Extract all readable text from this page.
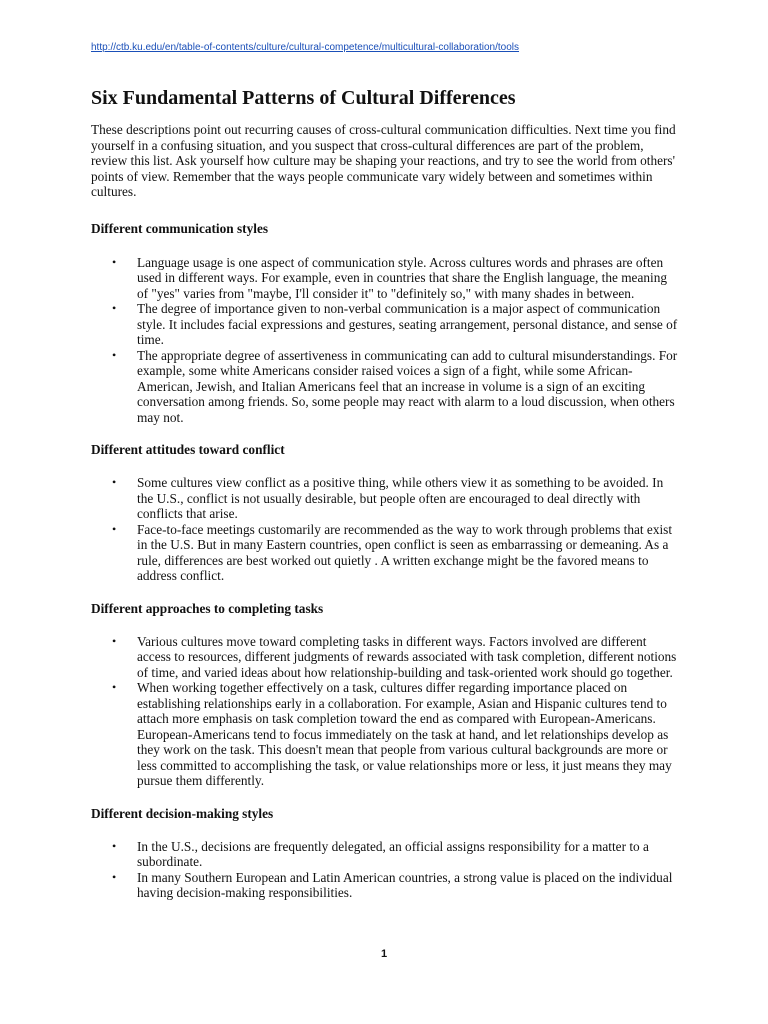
http://ctb.ku.edu/en/table-of-contents/culture/cultural-competence/multicultural-collaboration/tools
Six Fundamental Patterns of Cultural Differences

These descriptions point out recurring causes of cross-cultural communication difficulties. Next time you find yourself in a confusing situation, and you suspect that cross-cultural differences are part of the problem, review this list. Ask yourself how culture may be shaping your reactions, and try to see the world from others' points of view. Remember that the ways people communicate vary widely between and sometimes within cultures.

Different communication styles
• Language usage is one aspect of communication style. Across cultures words and phrases are often used in different ways. For example, even in countries that share the English language, the meaning of "yes" varies from "maybe, I'll consider it" to "definitely so," with many shades in between.
• The degree of importance given to non-verbal communication is a major aspect of communication style. It includes facial expressions and gestures, seating arrangement, personal distance, and sense of time.
• The appropriate degree of assertiveness in communicating can add to cultural misunderstandings. For example, some white Americans consider raised voices a sign of a fight, while some African-American, Jewish, and Italian Americans feel that an increase in volume is a sign of an exciting conversation among friends. So, some people may react with alarm to a loud discussion, when others may not.
Different attitudes toward conflict
• Some cultures view conflict as a positive thing, while others view it as something to be avoided. In the U.S., conflict is not usually desirable, but people often are encouraged to deal directly with conflicts that arise.
• Face-to-face meetings customarily are recommended as the way to work through problems that exist in the U.S. But in many Eastern countries, open conflict is seen as embarrassing or demeaning. As a rule, differences are best worked out quietly . A written exchange might be the favored means to address conflict.
Different approaches to completing tasks
• Various cultures move toward completing tasks in different ways. Factors involved are different access to resources, different judgments of rewards associated with task completion, different notions of time, and varied ideas about how relationship-building and task-oriented work should go together.
• When working together effectively on a task, cultures differ regarding importance placed on establishing relationships early in a collaboration. For example, Asian and Hispanic cultures tend to attach more emphasis on task completion toward the end as compared with European-Americans. European-Americans tend to focus immediately on the task at hand, and let relationships develop as they work on the task. This doesn't mean that people from various cultural backgrounds are more or less committed to accomplishing the task, or value relationships more or less, it just means they may pursue them differently.
Different decision-making styles
• In the U.S., decisions are frequently delegated, an official assigns responsibility for a matter to a subordinate.
• In many Southern European and Latin American countries, a strong value is placed on the individual having decision-making responsibilities.
1
